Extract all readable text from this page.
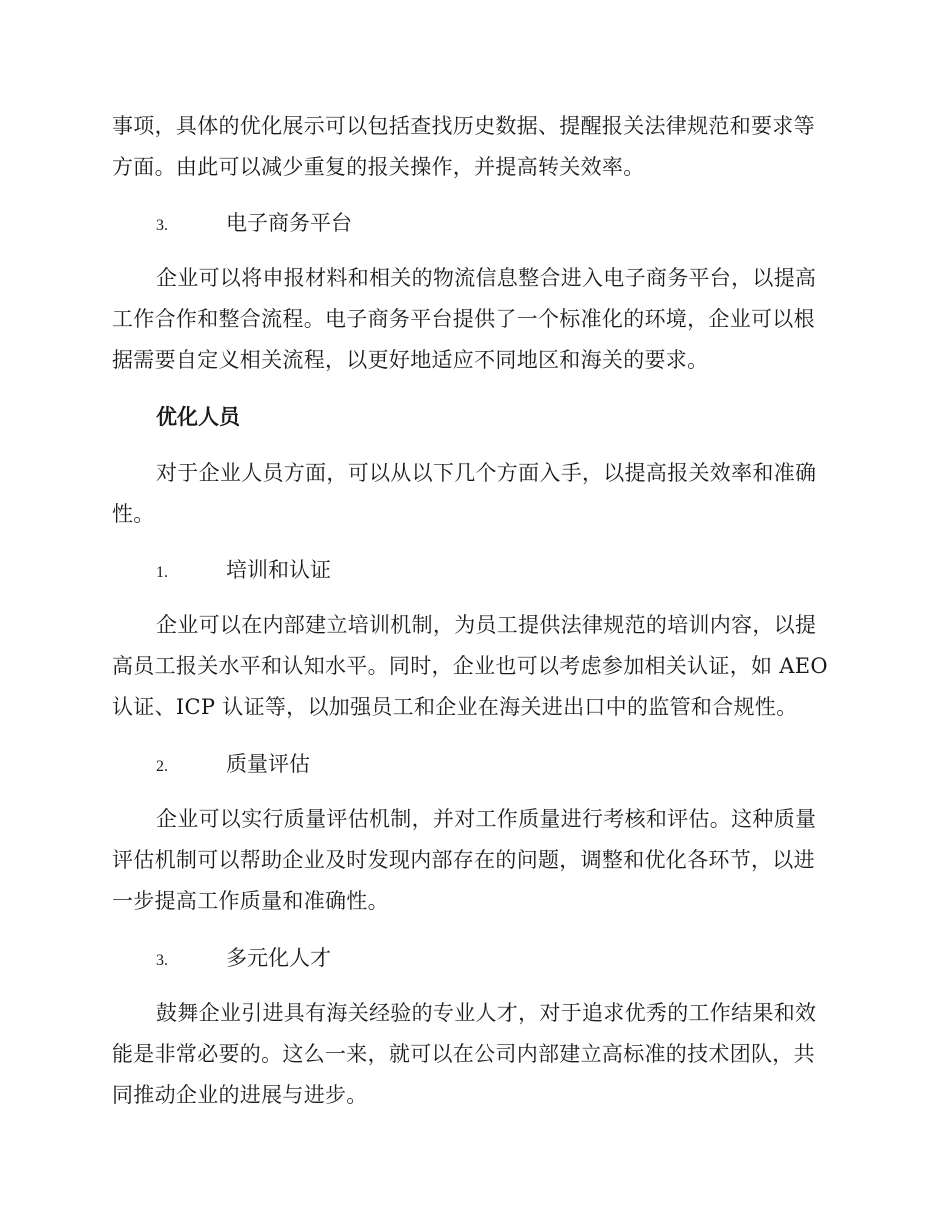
事项，具体的优化展示可以包括查找历史数据、提醒报关法律规范和要求等
方面。由此可以减少重复的报关操作，并提高转关效率。
3.	电子商务平台
企业可以将申报材料和相关的物流信息整合进入电子商务平台，以提高
工作合作和整合流程。电子商务平台提供了一个标准化的环境，企业可以根
据需要自定义相关流程，以更好地适应不同地区和海关的要求。
优化人员
对于企业人员方面，可以从以下几个方面入手，以提高报关效率和准确
性。
1.	培训和认证
企业可以在内部建立培训机制，为员工提供法律规范的培训内容，以提
高员工报关水平和认知水平。同时，企业也可以考虑参加相关认证，如 AEO
认证、ICP 认证等，以加强员工和企业在海关进出口中的监管和合规性。
2.	质量评估
企业可以实行质量评估机制，并对工作质量进行考核和评估。这种质量
评估机制可以帮助企业及时发现内部存在的问题，调整和优化各环节，以进
一步提高工作质量和准确性。
3.	多元化人才
鼓舞企业引进具有海关经验的专业人才，对于追求优秀的工作结果和效
能是非常必要的。这么一来，就可以在公司内部建立高标准的技术团队，共
同推动企业的进展与进步。
